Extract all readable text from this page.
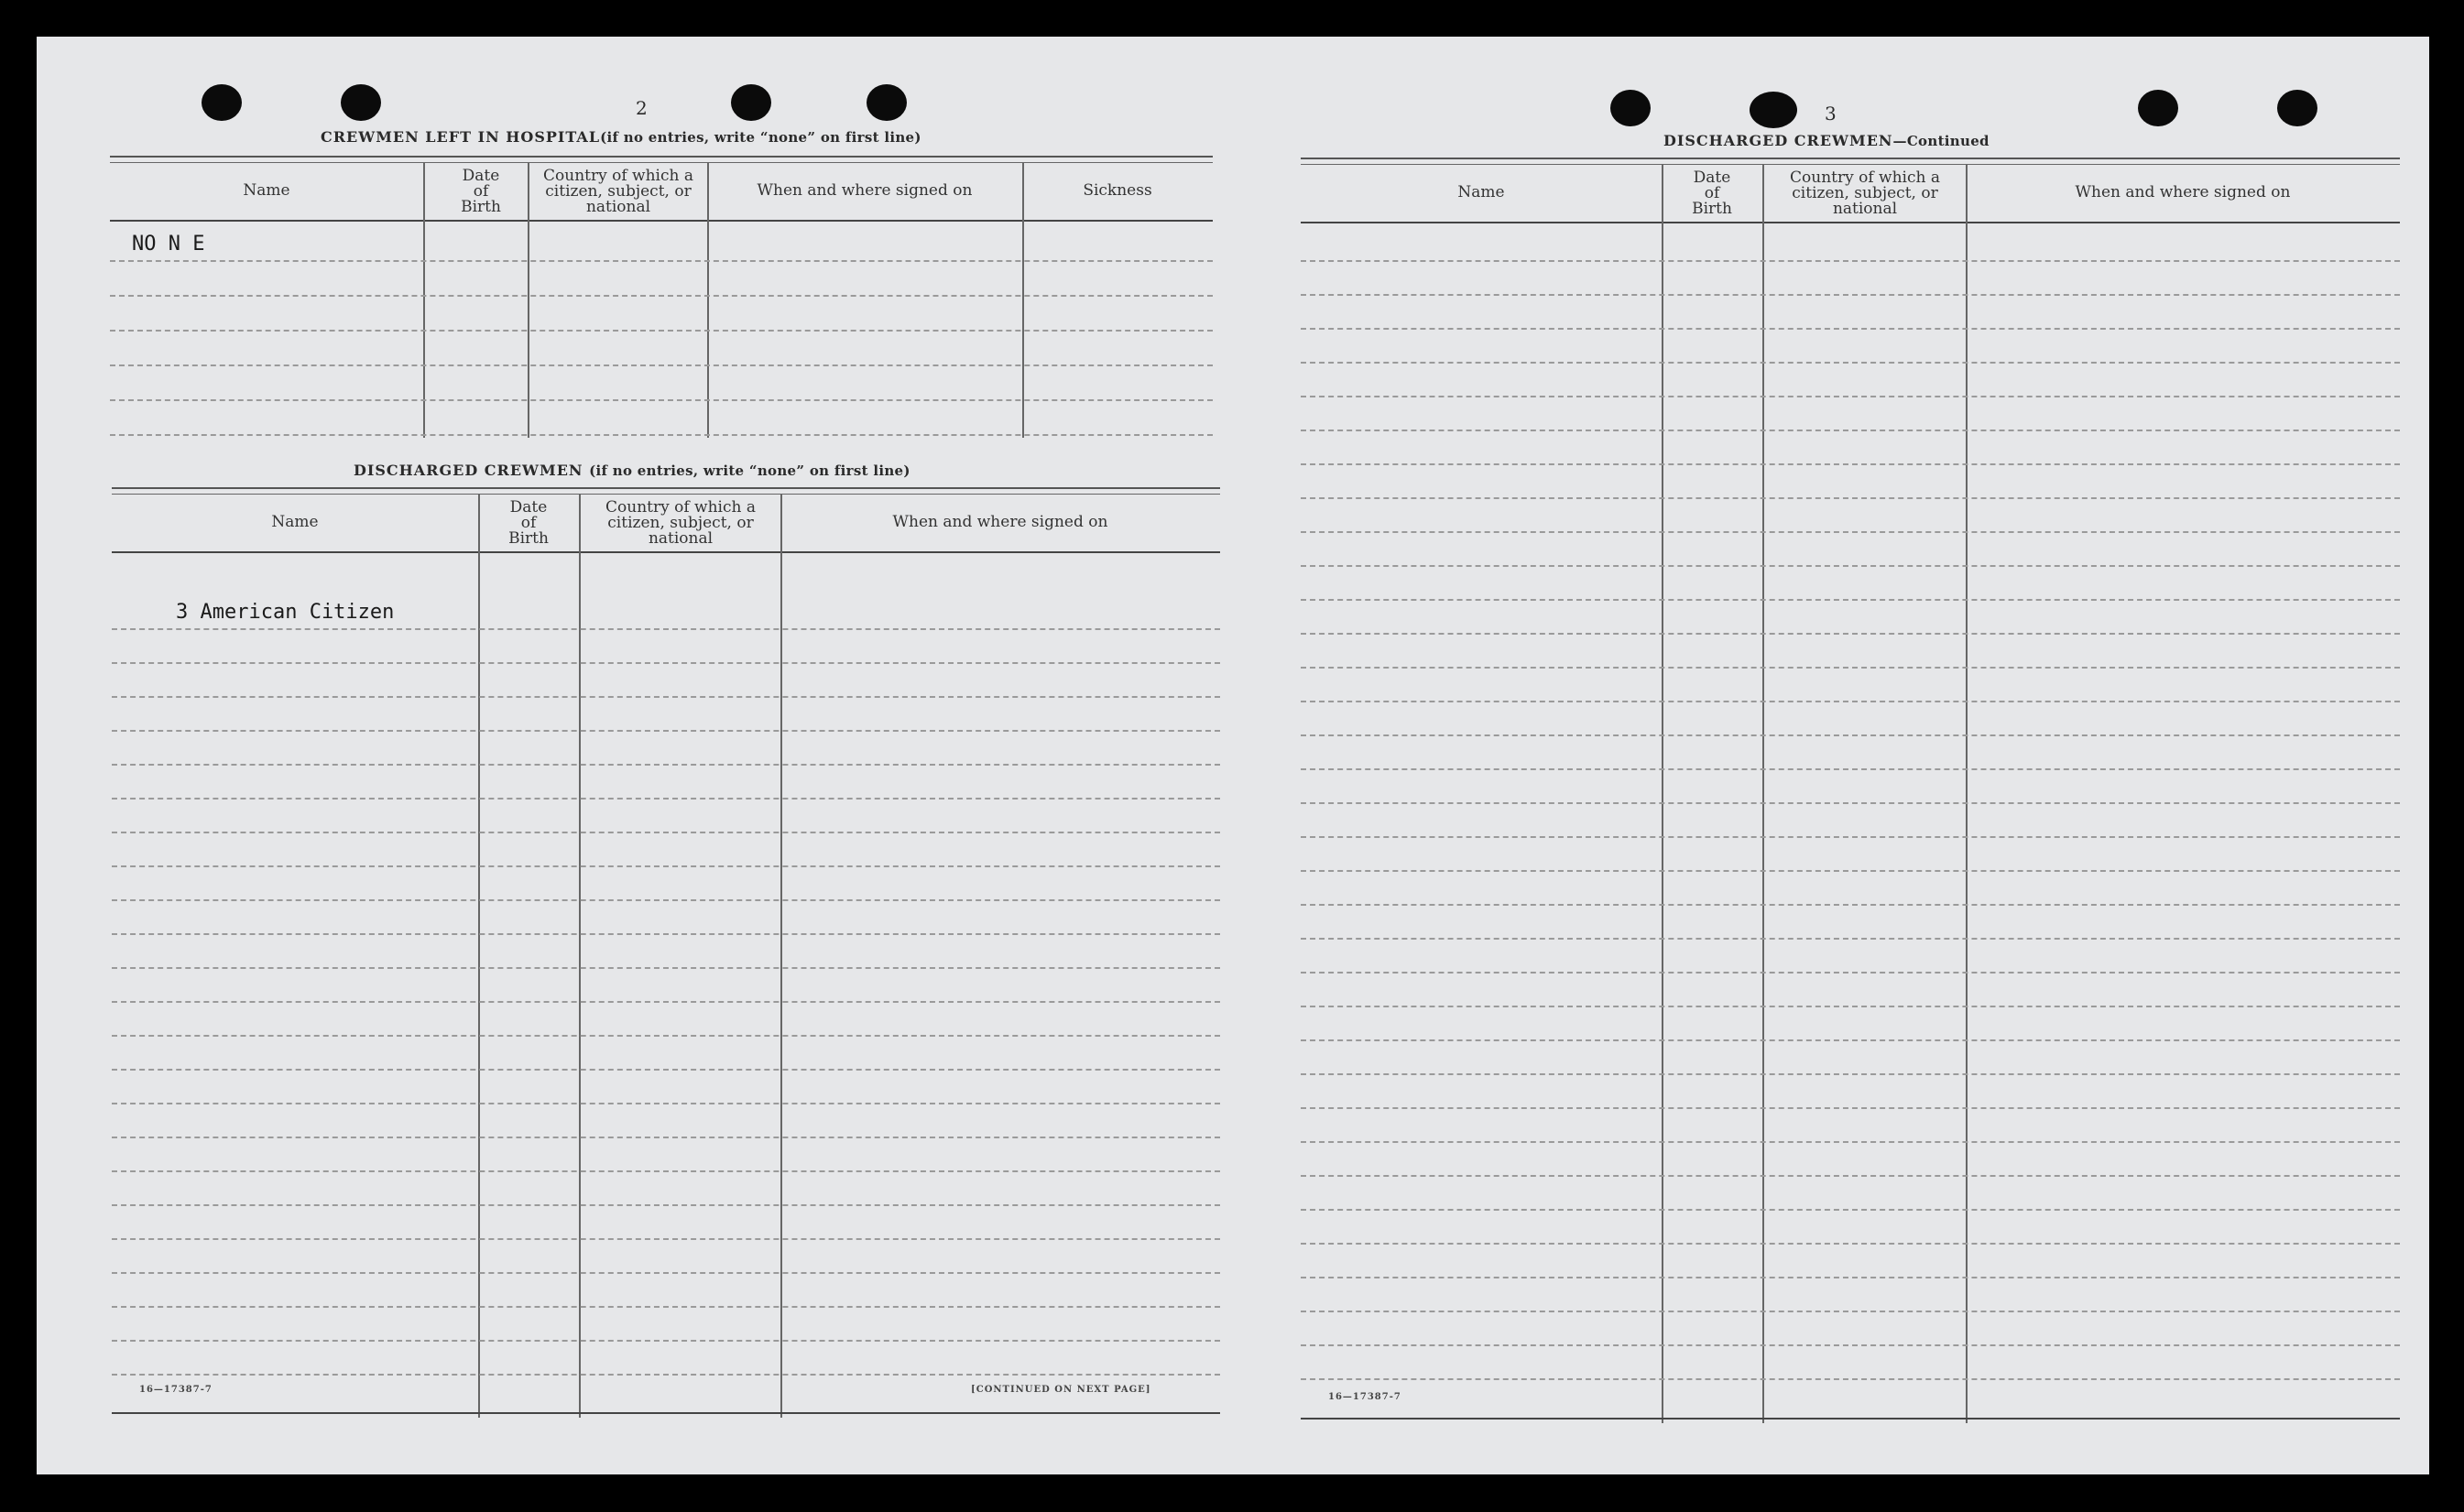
2
CREWMEN LEFT IN HOSPITAL(if no entries, write “none” on first line)
Name
Date of Birth
Country of which a citizen, subject, or national
When and where signed on	Sickness
NO N E
DISCHARGED CREWMEN (if no entries, write “none” on first line)
Name
Date of Birth
Country of which a citizen, subject, or national
When and where signed on
3 American Citizen
16—17387-7	[CONTINUED ON NEXT PAGE]
3
DISCHARGED CREWMEN—Continued
Name
Date of Birth
Country of which a citizen, subject, or national
When and where signed on
16—17387-7
